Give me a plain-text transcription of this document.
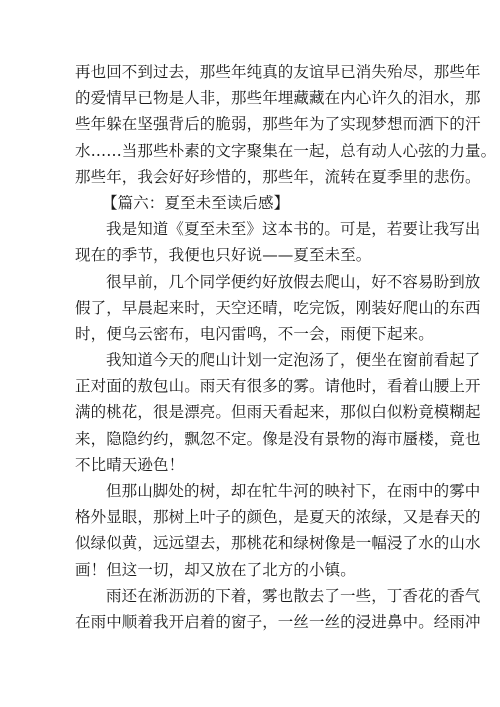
再也回不到过去，那些年纯真的友谊早已消失殆尽，那些年
的爱情早已物是人非，那些年埋藏藏在内心许久的泪水，那
些年躲在坚强背后的脆弱，那些年为了实现梦想而洒下的汗
水……当那些朴素的文字聚集在一起，总有动人心弦的力量。
那些年，我会好好珍惜的，那些年，流转在夏季里的悲伤。
【篇六：夏至未至读后感】
我是知道《夏至未至》这本书的。可是，若要让我写出
现在的季节，我便也只好说——夏至未至。
很早前，几个同学便约好放假去爬山，好不容易盼到放
假了，早晨起来时，天空还晴，吃完饭，刚装好爬山的东西
时，便乌云密布，电闪雷鸣，不一会，雨便下起来。
我知道今天的爬山计划一定泡汤了，便坐在窗前看起了
正对面的敖包山。雨天有很多的雾。请他时，看着山腰上开
满的桃花，很是漂亮。但雨天看起来，那似白似粉竟模糊起
来，隐隐约约，飘忽不定。像是没有景物的海市蜃楼，竟也
不比晴天逊色！
但那山脚处的树，却在牤牛河的映衬下，在雨中的雾中
格外显眼，那树上叶子的颜色，是夏天的浓绿，又是春天的
似绿似黄，远远望去，那桃花和绿树像是一幅浸了水的山水
画！但这一切，却又放在了北方的小镇。
雨还在淅沥沥的下着，雾也散去了一些，丁香花的香气
在雨中顺着我开启着的窗子，一丝一丝的浸进鼻中。经雨冲
